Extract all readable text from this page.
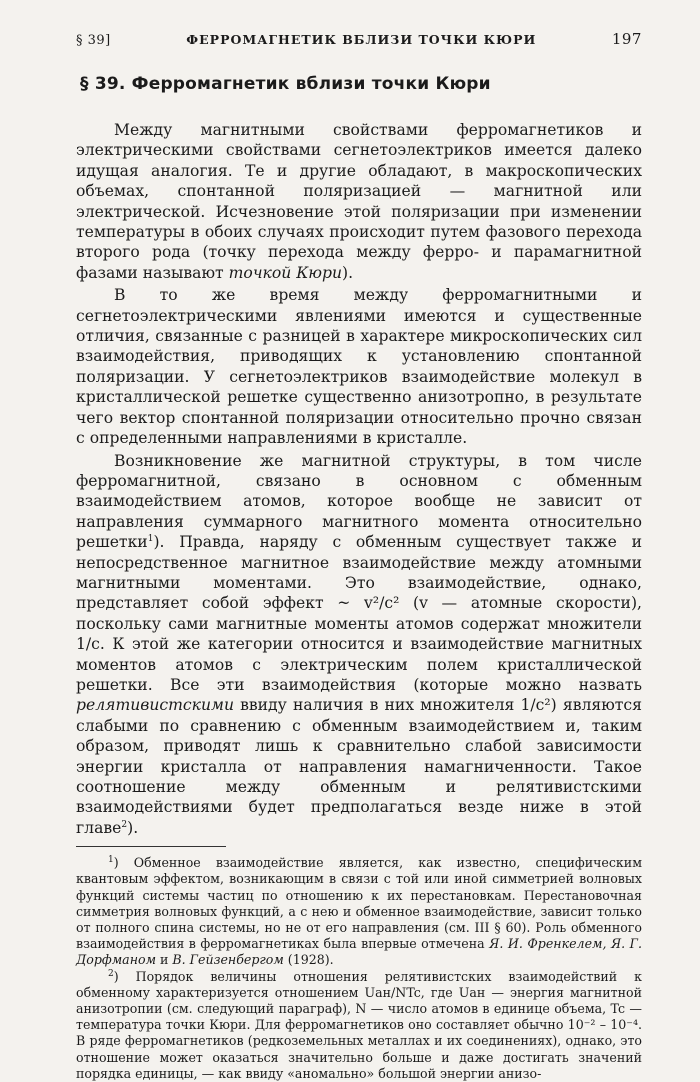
§ 39]	ФЕРРОМАГНЕТИК ВБЛИЗИ ТОЧКИ КЮРИ	197
§ 39. Ферромагнетик вблизи точки Кюри

Между магнитными свойствами ферромагнетиков и электрическими свойствами сегнетоэлектриков имеется далеко идущая аналогия. Те и другие обладают, в макроскопических объемах, спонтанной поляризацией — магнитной или электрической. Исчезновение этой поляризации при изменении температуры в обоих случаях происходит путем фазового перехода второго рода (точку перехода между ферро- и парамагнитной фазами называют точкой Кюри).

В то же время между ферромагнитными и сегнетоэлектрическими явлениями имеются и существенные отличия, связанные с разницей в характере микроскопических сил взаимодействия, приводящих к установлению спонтанной поляризации. У сегнетоэлектриков взаимодействие молекул в кристаллической решетке существенно анизотропно, в результате чего вектор спонтанной поляризации относительно прочно связан с определенными направлениями в кристалле.

Возникновение же магнитной структуры, в том числе ферромагнитной, связано в основном с обменным взаимодействием атомов, которое вообще не зависит от направления суммарного магнитного момента относительно решетки$^1$). Правда, наряду с обменным существует также и непосредственное магнитное взаимодействие между атомными магнитными моментами. Это взаимодействие, однако, представляет собой эффект ~ v²/c² (v — атомные скорости), поскольку сами магнитные моменты атомов содержат множители 1/c. К этой же категории относится и взаимодействие магнитных моментов атомов с электрическим полем кристаллической решетки. Все эти взаимодействия (которые можно назвать релятивистскими ввиду наличия в них множителя 1/c²) являются слабыми по сравнению с обменным взаимодействием и, таким образом, приводят лишь к сравнительно слабой зависимости энергии кристалла от направления намагниченности. Такое соотношение между обменным и релятивистскими взаимодействиями будет предполагаться везде ниже в этой главе$^2$).

$^1$) Обменное взаимодействие является, как известно, специфическим квантовым эффектом, возникающим в связи с той или иной симметрией волновых функций системы частиц по отношению к их перестановкам. Перестановочная симметрия волновых функций, а с нею и обменное взаимодействие, зависит только от полного спина системы, но не от его направления (см. III § 60). Роль обменного взаимодействия в ферромагнетиках была впервые отмечена Я. И. Френкелем, Я. Г. Дорфманом и В. Гейзенбергом (1928).

$^2$) Порядок величины отношения релятивистских взаимодействий к обменному характеризуется отношением Uан/NTc, где Uан — энергия магнитной анизотропии (см. следующий параграф), N — число атомов в единице объема, Tc — температура точки Кюри. Для ферромагнетиков оно составляет обычно 10⁻² – 10⁻⁴. В ряде ферромагнетиков (редкоземельных металлах и их соединениях), однако, это отношение может оказаться значительно больше и даже достигать значений порядка единицы, — как ввиду «аномально» большой энергии анизо-
